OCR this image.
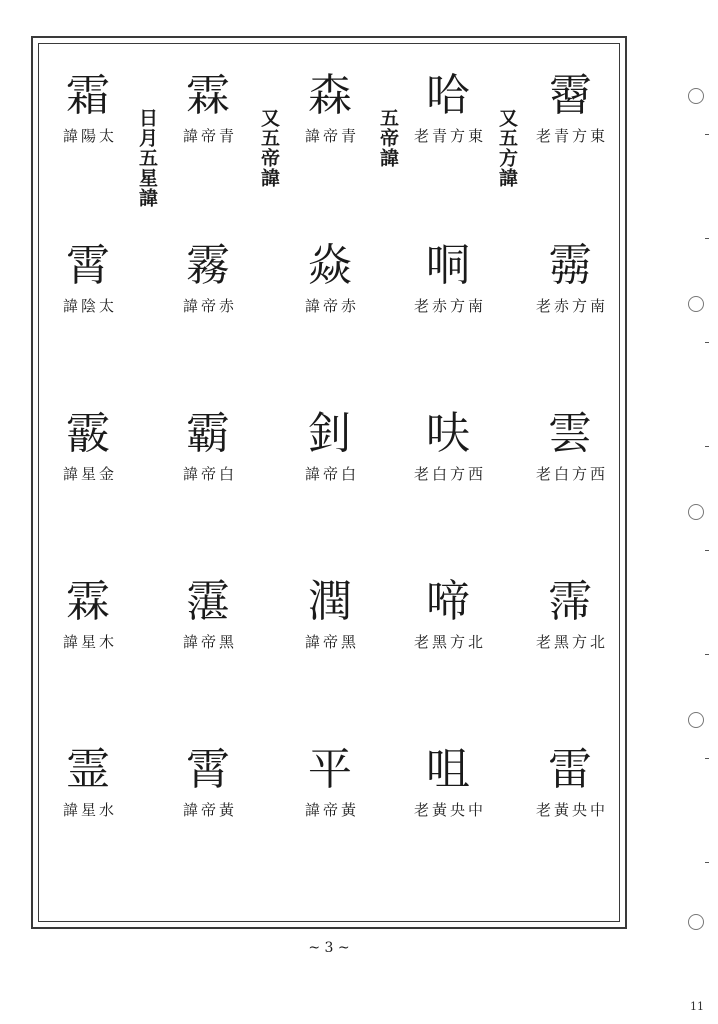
霫
東方青老
霛
南方赤老
雲
西方白老
霈
北方黑老
雷
中央黃老
又五方諱
哈
東方青老
哃
南方赤老
呋
西方白老
啼
北方黑老
咀
中央黃老
五帝諱
森
青帝諱
焱
赤帝諱
釗
白帝諱
潤
黑帝諱
平
黃帝諱
又五帝諱
霖
青帝諱
霧
赤帝諱
霸
白帝諱
霮
黑帝諱
霄
黃帝諱
日月五星諱
霜
太陽諱
霄
太陰諱
霰
金星諱
霖
木星諱
霊
水星諱
~ 3 ~
11
